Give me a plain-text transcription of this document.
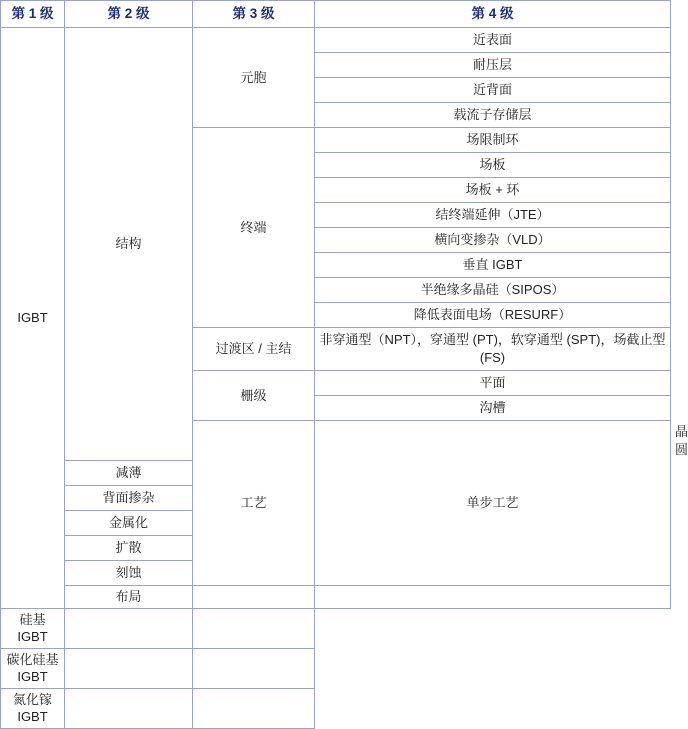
第 1 级	第 2 级	第 3 级	第 4 级	
IGBT	结构	元胞	近表面	
			耐压层	
			近背面	
			载流子存储层	
		终端	场限制环	
			场板	
			场板 + 环	
			结终端延伸（JTE）	
			横向变掺杂（VLD）	
			垂直 IGBT	
			半绝缘多晶硅（SIPOS）	
			降低表面电场（RESURF）	
		过渡区 / 主结	非穿通型（NPT），穿通型 (PT)，软穿通型 (SPT)，场截止型 (FS)	
		栅级	平面	
			沟槽	
		工艺	单步工艺	晶圆
	减薄			
	背面掺杂			
	金属化			
	扩散			
	刻蚀			
	布局			
硅基 IGBT				
碳化硅基 IGBT				
氮化镓 IGBT				
